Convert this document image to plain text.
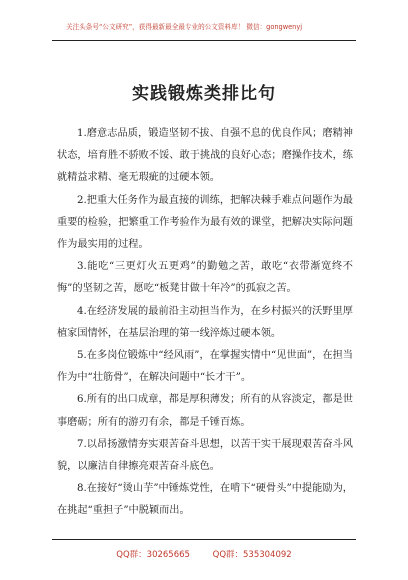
关注头条号“公文研究”，获得最新最全最专业的公文资料库！ 微信：gongwenyj
实践锻炼类排比句

1.磨意志品质，锻造坚韧不拔、自强不息的优良作风；磨精神状态，培育胜不骄败不馁、敢于挑战的良好心态；磨操作技术，练就精益求精、毫无瑕疵的过硬本领。

2.把重大任务作为最直接的训练，把解决棘手难点问题作为最重要的检验，把繁重工作考验作为最有效的课堂，把解决实际问题作为最实用的过程。

3.能吃“三更灯火五更鸡”的勤勉之苦，敢吃“衣带渐宽终不悔”的坚韧之苦，愿吃“板凳甘做十年冷”的孤寂之苦。

4.在经济发展的最前沿主动担当作为，在乡村振兴的沃野里厚植家国情怀，在基层治理的第一线淬炼过硬本领。

5.在多岗位锻炼中“经风雨”，在掌握实情中“见世面”，在担当作为中“壮筋骨”，在解决问题中“长才干”。

6.所有的出口成章，都是厚积薄发；所有的从容淡定，都是世事磨砺；所有的游刃有余，都是千锤百炼。

7.以昂扬激情夯实艰苦奋斗思想，以苦干实干展现艰苦奋斗风貌，以廉洁自律擦亮艰苦奋斗底色。

8.在接好“烫山芋”中锤炼党性，在啃下“硬骨头”中提能励为，在挑起“重担子”中脱颖而出。

QQ群：30265665	QQ群：535304092
